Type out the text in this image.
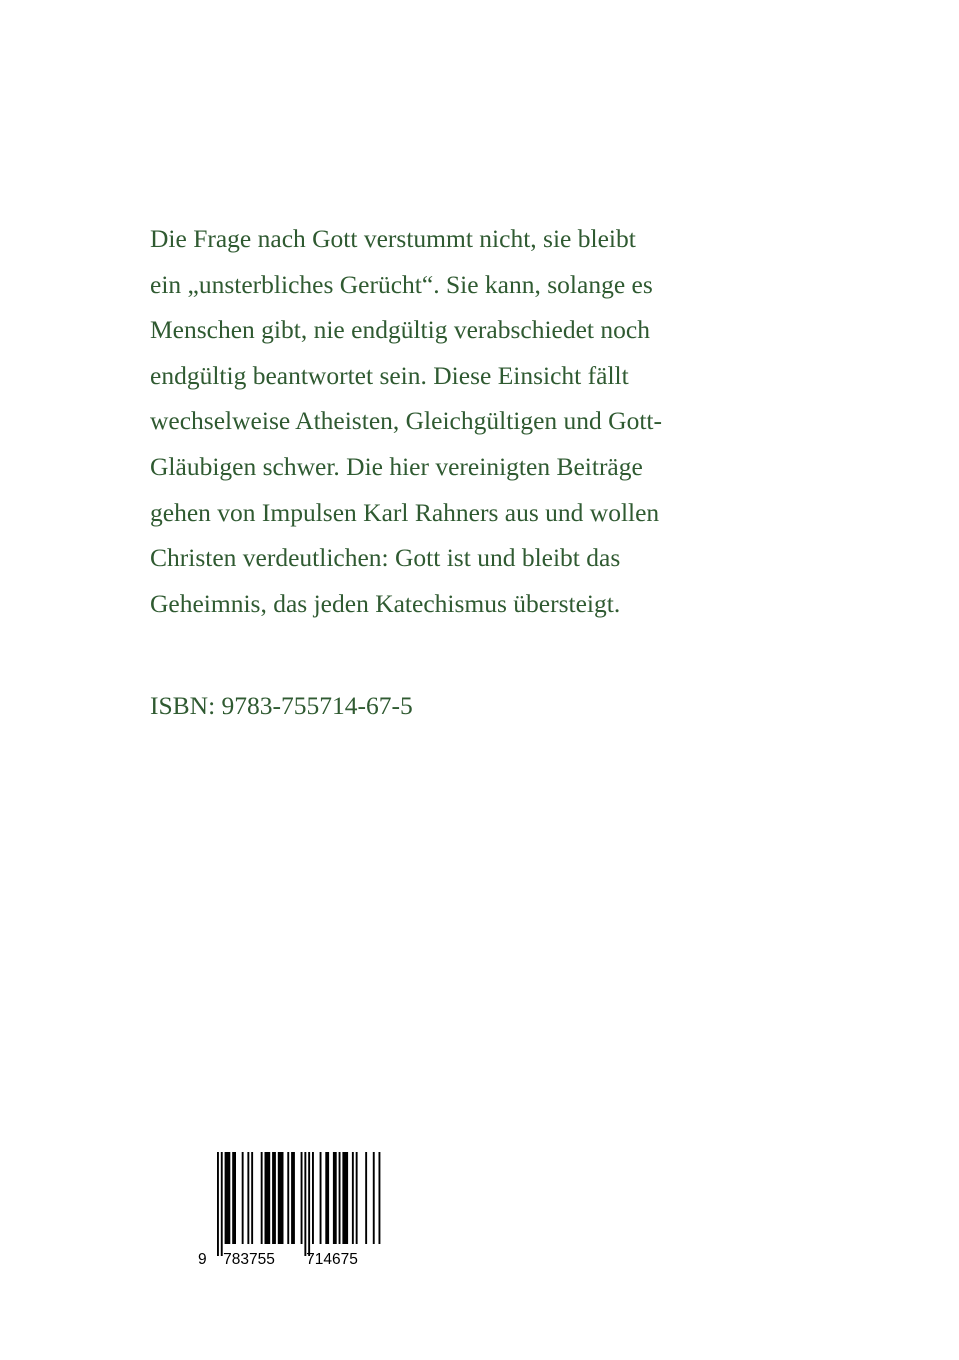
Die Frage nach Gott verstummt nicht, sie bleibt
ein „unsterbliches Gerücht“. Sie kann, solange es
Menschen gibt, nie endgültig verabschiedet noch
endgültig beantwortet sein. Diese Einsicht fällt
wechselweise Atheisten, Gleichgültigen und Gott-
Gläubigen schwer. Die hier vereinigten Beiträge
gehen von Impulsen Karl Rahners aus und wollen
Christen verdeutlichen: Gott ist und bleibt das
Geheimnis, das jeden Katechismus übersteigt.

ISBN: 9783-755714-67-5

9 783755 714675
